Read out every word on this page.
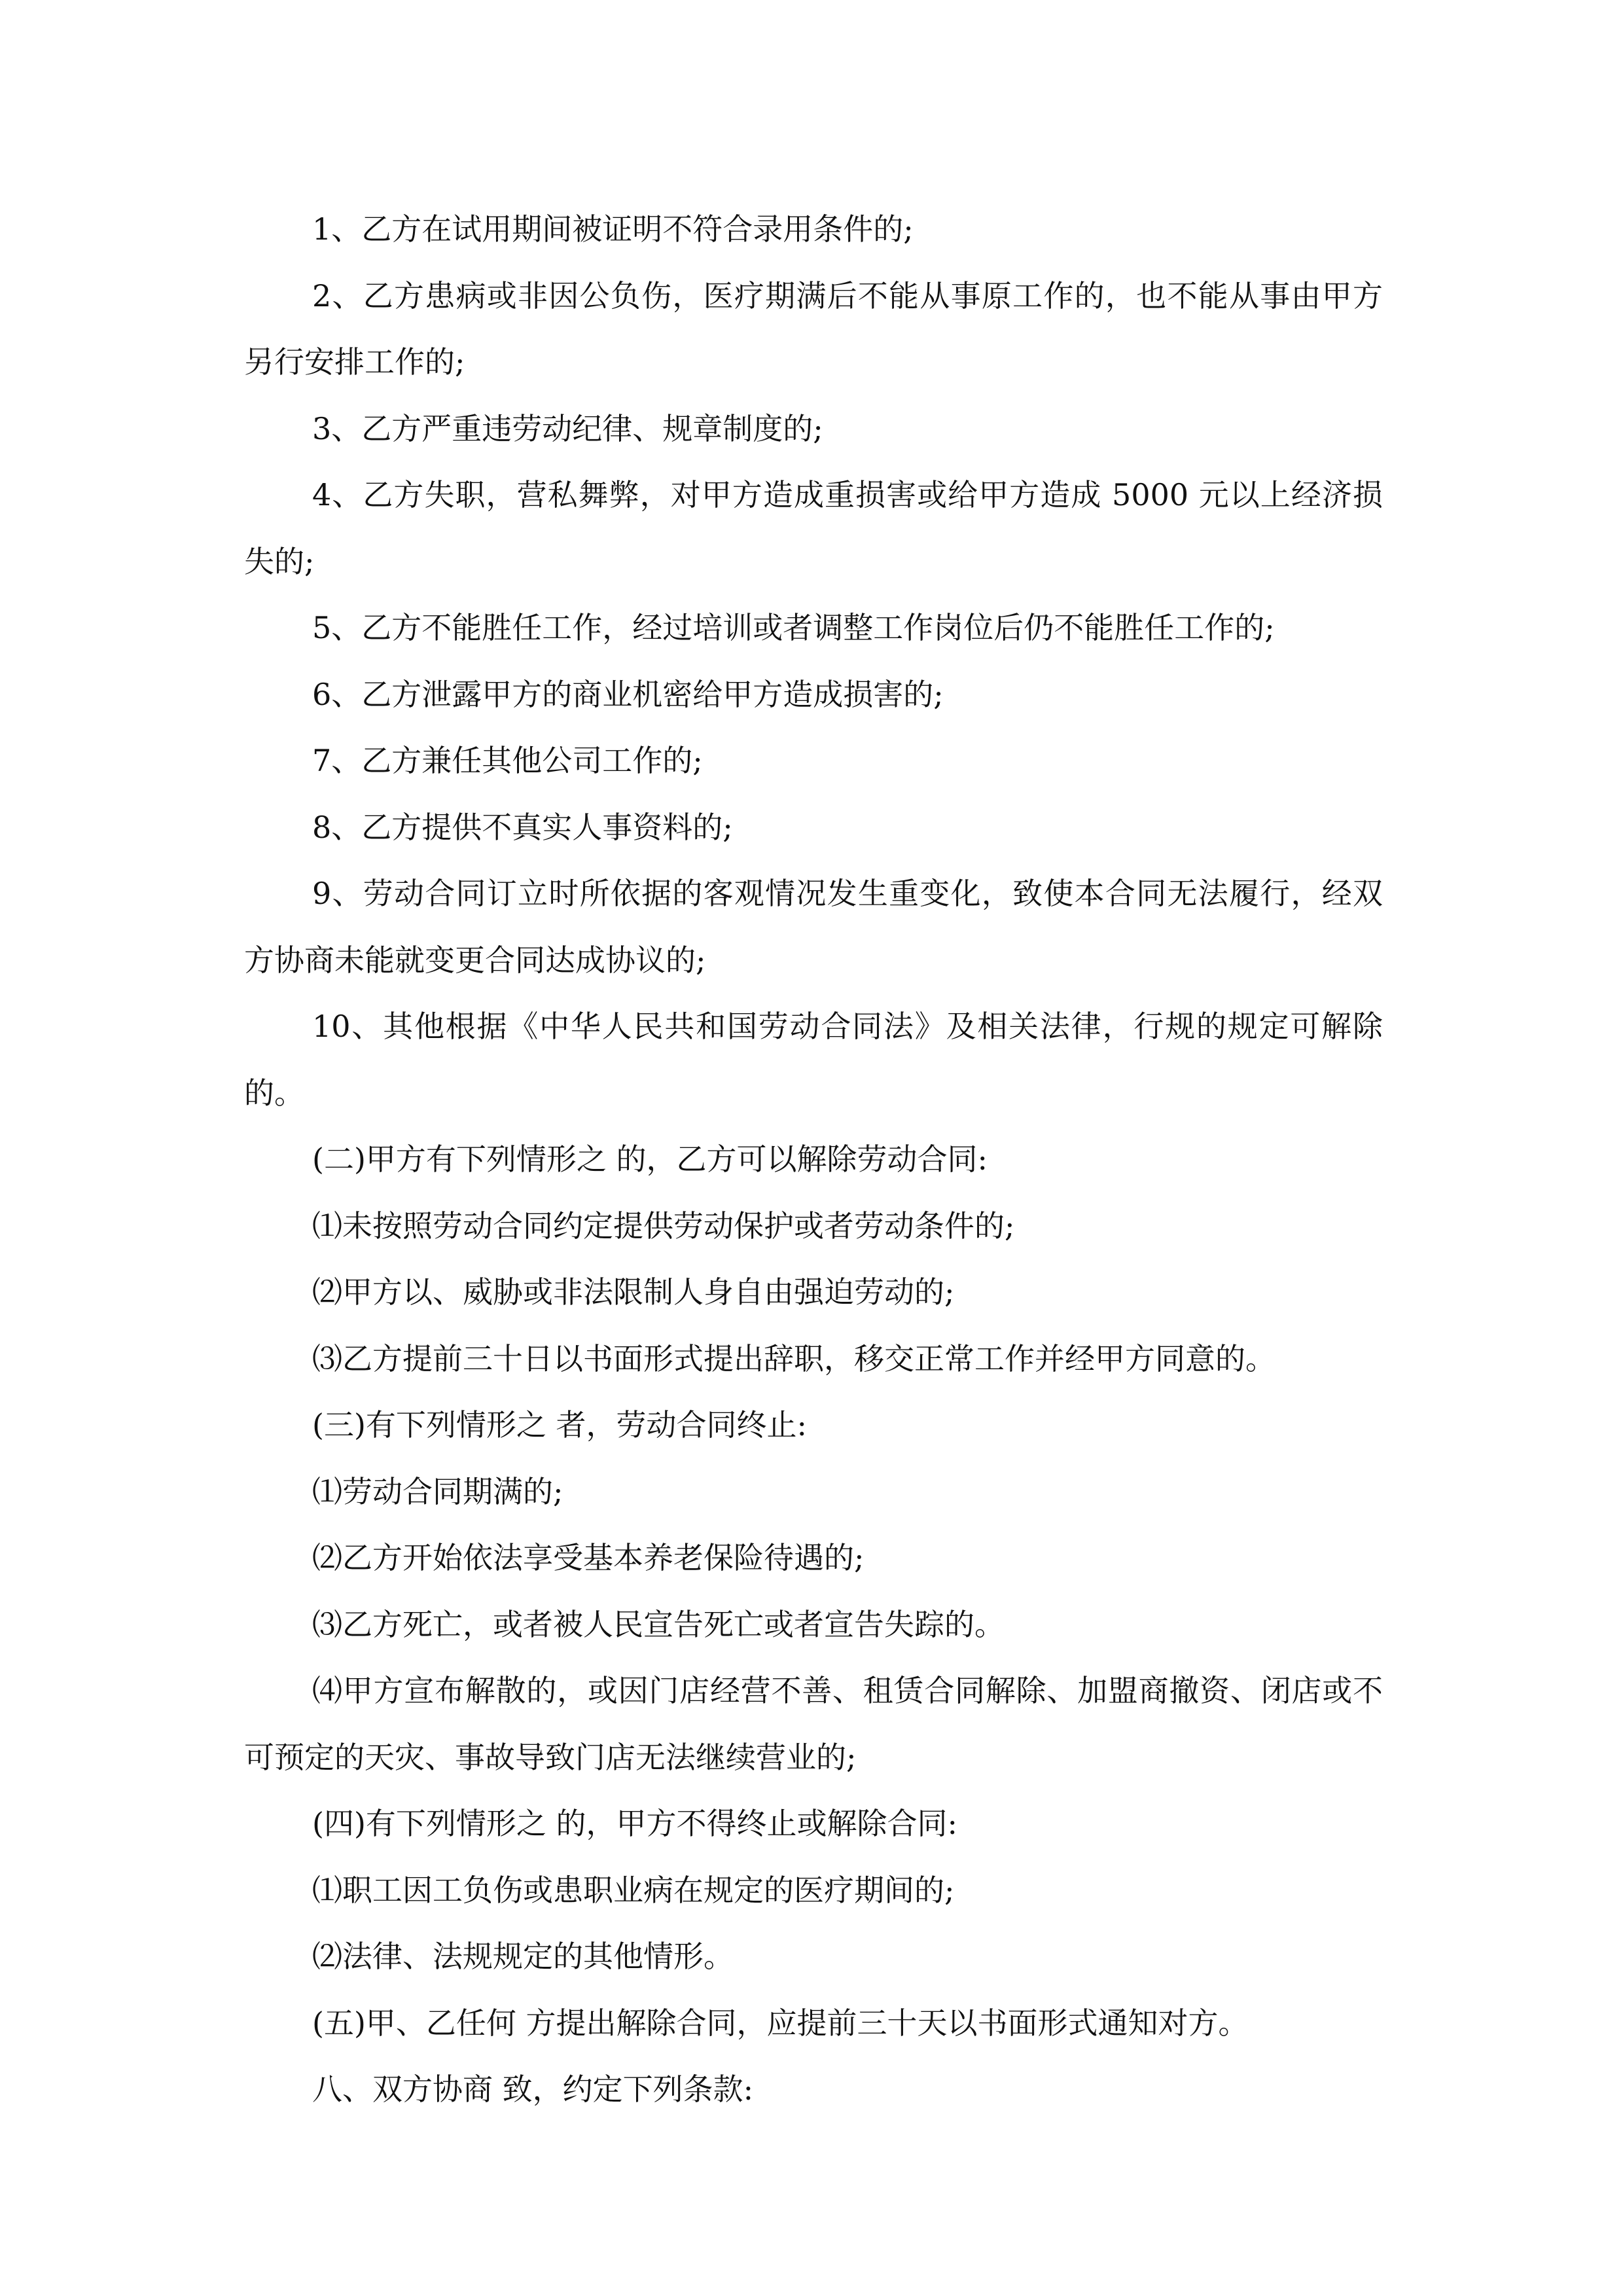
1、乙方在试用期间被证明不符合录用条件的;

2、乙方患病或非因公负伤，医疗期满后不能从事原工作的，也不能从事由甲方另行安排工作的;

3、乙方严重违劳动纪律、规章制度的;

4、乙方失职，营私舞弊，对甲方造成重损害或给甲方造成 5000 元以上经济损失的;

5、乙方不能胜任工作，经过培训或者调整工作岗位后仍不能胜任工作的;

6、乙方泄露甲方的商业机密给甲方造成损害的;

7、乙方兼任其他公司工作的;

8、乙方提供不真实人事资料的;

9、劳动合同订立时所依据的客观情况发生重变化，致使本合同无法履行，经双方协商未能就变更合同达成协议的;

10、其他根据《中华人民共和国劳动合同法》及相关法律，行规的规定可解除的。

(二)甲方有下列情形之 的，乙方可以解除劳动合同:

⑴未按照劳动合同约定提供劳动保护或者劳动条件的;

⑵甲方以、威胁或非法限制人身自由强迫劳动的;

⑶乙方提前三十日以书面形式提出辞职，移交正常工作并经甲方同意的。

(三)有下列情形之 者，劳动合同终止:

⑴劳动合同期满的;

⑵乙方开始依法享受基本养老保险待遇的;

⑶乙方死亡，或者被人民宣告死亡或者宣告失踪的。

⑷甲方宣布解散的，或因门店经营不善、租赁合同解除、加盟商撤资、闭店或不可预定的天灾、事故导致门店无法继续营业的;

(四)有下列情形之 的，甲方不得终止或解除合同:

⑴职工因工负伤或患职业病在规定的医疗期间的;

⑵法律、法规规定的其他情形。

(五)甲、乙任何 方提出解除合同，应提前三十天以书面形式通知对方。

八、双方协商 致，约定下列条款:
